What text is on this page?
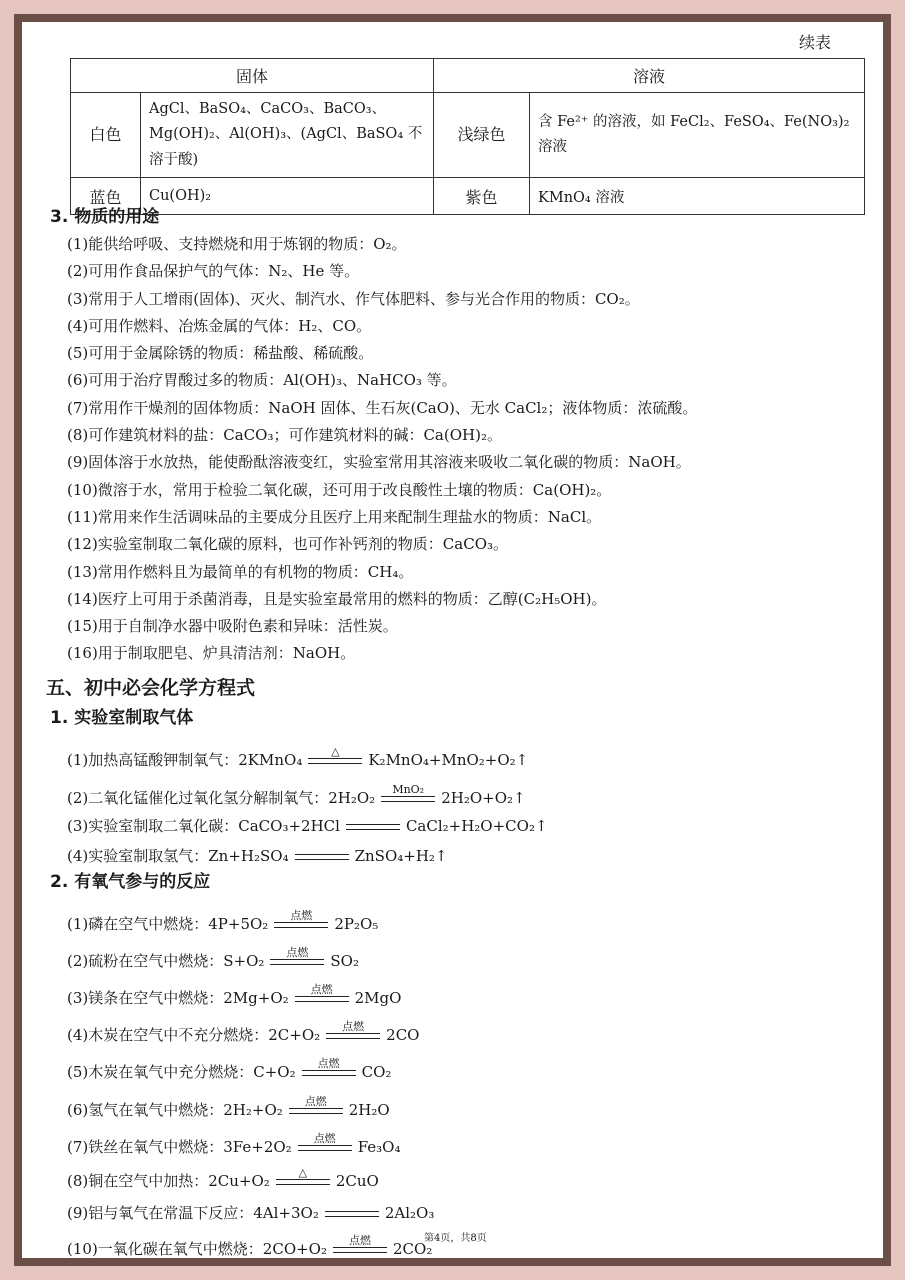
续表
固体		溶液	
白色	AgCl、BaSO₄、CaCO₃、BaCO₃、Mg(OH)₂、Al(OH)₃、(AgCl、BaSO₄ 不溶于酸)	浅绿色	含 Fe²⁺ 的溶液，如 FeCl₂、FeSO₄、Fe(NO₃)₂ 溶液
蓝色	Cu(OH)₂	紫色	KMnO₄ 溶液
3. 物质的用途
(1)能供给呼吸、支持燃烧和用于炼钢的物质：O₂。
(2)可用作食品保护气的气体：N₂、He 等。
(3)常用于人工增雨(固体)、灭火、制汽水、作气体肥料、参与光合作用的物质：CO₂。
(4)可用作燃料、冶炼金属的气体：H₂、CO。
(5)可用于金属除锈的物质：稀盐酸、稀硫酸。
(6)可用于治疗胃酸过多的物质：Al(OH)₃、NaHCO₃ 等。
(7)常用作干燥剂的固体物质：NaOH 固体、生石灰(CaO)、无水 CaCl₂；液体物质：浓硫酸。
(8)可作建筑材料的盐：CaCO₃；可作建筑材料的碱：Ca(OH)₂。
(9)固体溶于水放热，能使酚酞溶液变红，实验室常用其溶液来吸收二氧化碳的物质：NaOH。
(10)微溶于水，常用于检验二氧化碳，还可用于改良酸性土壤的物质：Ca(OH)₂。
(11)常用来作生活调味品的主要成分且医疗上用来配制生理盐水的物质：NaCl。
(12)实验室制取二氧化碳的原料，也可作补钙剂的物质：CaCO₃。
(13)常用作燃料且为最简单的有机物的物质：CH₄。
(14)医疗上可用于杀菌消毒，且是实验室最常用的燃料的物质：乙醇(C₂H₅OH)。
(15)用于自制净水器中吸附色素和异味：活性炭。
(16)用于制取肥皂、炉具清洁剂：NaOH。
五、初中必会化学方程式
1. 实验室制取气体
(1)加热高锰酸钾制氧气：2KMnO₄	△ K₂MnO₄+MnO₂+O₂↑
(2)二氧化锰催化过氧化氢分解制氧气：2H₂O₂ MnO₂ 2H₂O+O₂↑
(3)实验室制取二氧化碳：CaCO₃+2HCl	CaCl₂+H₂O+CO₂↑
(4)实验室制取氢气：Zn+H₂SO₄	ZnSO₄+H₂↑
2. 有氧气参与的反应
(1)磷在空气中燃烧：4P+5O₂ 点燃 2P₂O₅
(2)硫粉在空气中燃烧：S+O₂ 点燃 SO₂
(3)镁条在空气中燃烧：2Mg+O₂ 点燃 2MgO
(4)木炭在空气中不充分燃烧：2C+O₂ 点燃 2CO
(5)木炭在氧气中充分燃烧：C+O₂ 点燃 CO₂
(6)氢气在氧气中燃烧：2H₂+O₂ 点燃 2H₂O
(7)铁丝在氧气中燃烧：3Fe+2O₂ 点燃 Fe₃O₄
(8)铜在空气中加热：2Cu+O₂	△ 2CuO
(9)铝与氧气在常温下反应：4Al+3O₂	2Al₂O₃
(10)一氧化碳在氧气中燃烧：2CO+O₂ 点燃 2CO₂
第4页，共8页
